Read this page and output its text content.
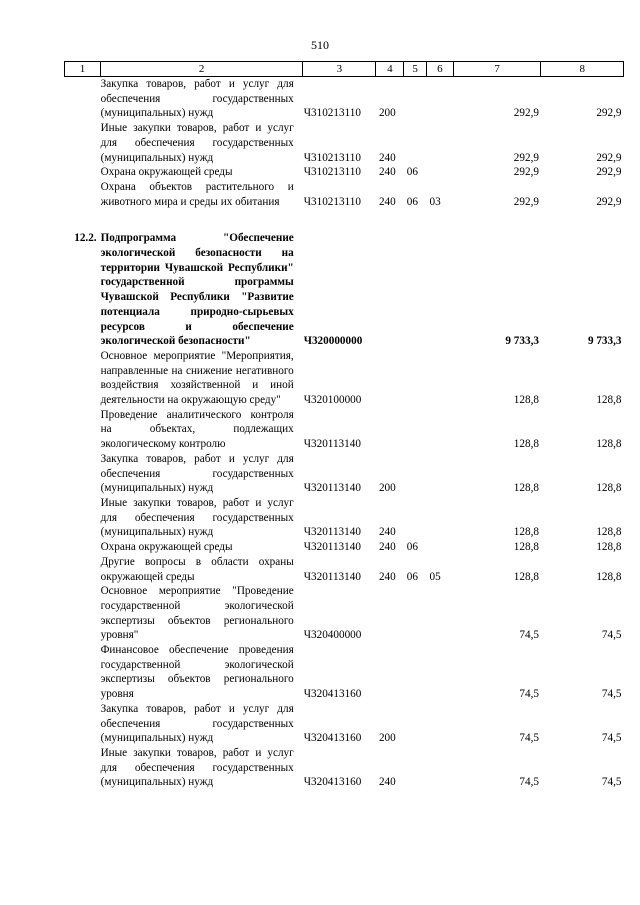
510
1	2	3	4	5	6	7	8
	Закупка товаров, работ и услуг для обеспечения государственных (муниципальных) нужд	Ч310213110	200			292,9	292,9
	Иные закупки товаров, работ и услуг для обеспечения государственных (муниципальных) нужд	Ч310213110	240			292,9	292,9
	Охрана окружающей среды	Ч310213110	240	06		292,9	292,9
	Охрана объектов растительного и животного мира и среды их обитания	Ч310213110	240	06	03	292,9	292,9

12.2.	Подпрограмма "Обеспечение экологической безопасности на территории Чувашской Республики" государственной программы Чувашской Республики "Развитие потенциала природно-сырьевых ресурсов и обеспечение экологической безопасности"	Ч320000000				9 733,3	9 733,3
	Основное мероприятие "Мероприятия, направленные на снижение негативного воздействия хозяйственной и иной деятельности на окружающую среду"	Ч320100000				128,8	128,8
	Проведение аналитического контроля на объектах, подлежащих экологическому контролю	Ч320113140				128,8	128,8
	Закупка товаров, работ и услуг для обеспечения государственных (муниципальных) нужд	Ч320113140	200			128,8	128,8
	Иные закупки товаров, работ и услуг для обеспечения государственных (муниципальных) нужд	Ч320113140	240			128,8	128,8
	Охрана окружающей среды	Ч320113140	240	06		128,8	128,8
	Другие вопросы в области охраны окружающей среды	Ч320113140	240	06	05	128,8	128,8
	Основное мероприятие "Проведение государственной экологической экспертизы объектов регионального уровня"	Ч320400000				74,5	74,5
	Финансовое обеспечение проведения государственной экологической экспертизы объектов регионального уровня	Ч320413160				74,5	74,5
	Закупка товаров, работ и услуг для обеспечения государственных (муниципальных) нужд	Ч320413160	200			74,5	74,5
	Иные закупки товаров, работ и услуг для обеспечения государственных (муниципальных) нужд	Ч320413160	240			74,5	74,5
